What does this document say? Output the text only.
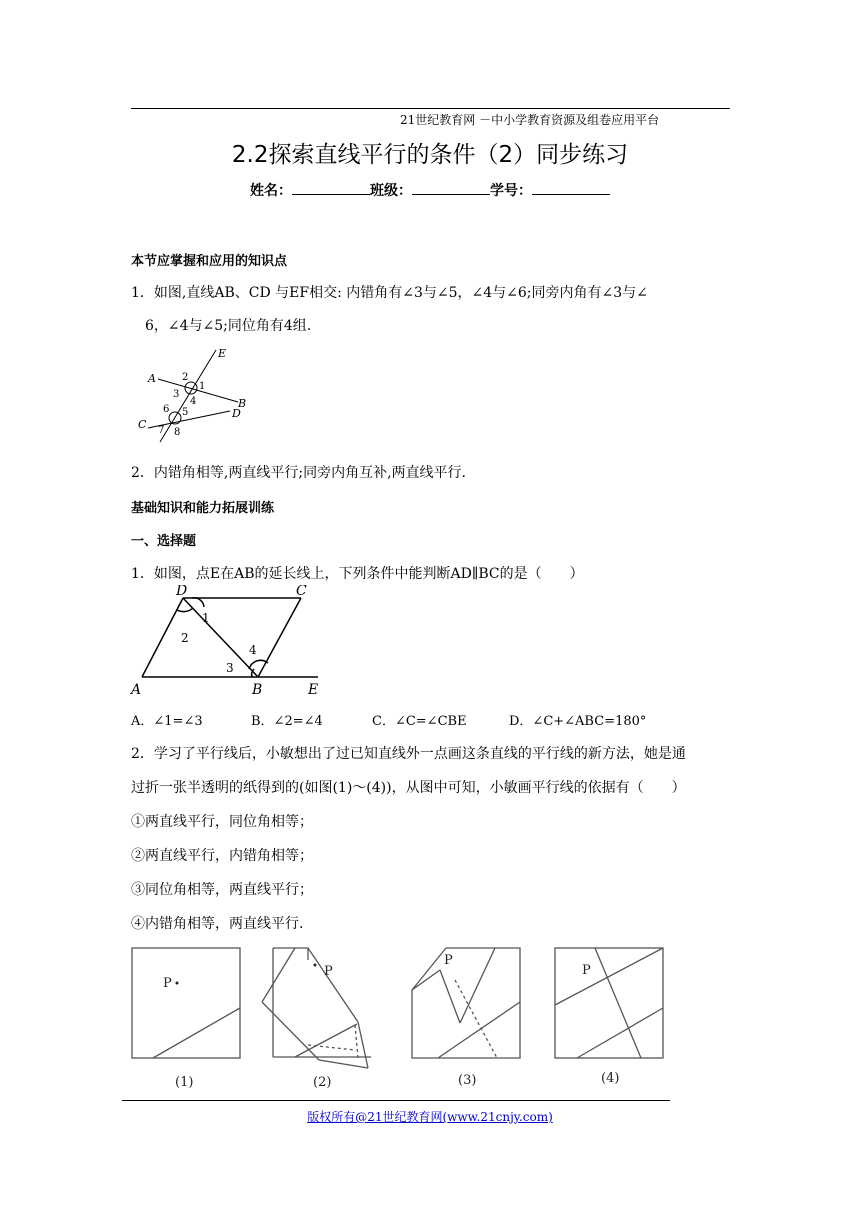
21世纪教育网 －中小学教育资源及组卷应用平台
2.2探索直线平行的条件（2）同步练习
姓名：	班级：	学号：
本节应掌握和应用的知识点
1．如图,直线AB、CD 与EF相交: 内错角有∠3与∠5，∠4与∠6;同旁内角有∠3与∠
6，∠4与∠5;同位角有4组.
A
B
C
D
E
1
2
3
4
5
6
7 8
2．内错角相等,两直线平行;同旁内角互补,两直线平行.
基础知识和能力拓展训练
一、选择题
1．如图，点E在AB的延长线上，下列条件中能判断AD∥BC的是（　　）
A	B
C
D
E
1
2
3
4
A．∠1=∠3	B．∠2=∠4	C．∠C=∠CBE	D．∠C+∠ABC=180°
2．学习了平行线后，小敏想出了过已知直线外一点画这条直线的平行线的新方法，她是通
过折一张半透明的纸得到的(如图(1)～(4))，从图中可知，小敏画平行线的依据有（　　）
①两直线平行，同位角相等；
②两直线平行，内错角相等；
③同位角相等，两直线平行；
④内错角相等，两直线平行.
P
P
P
P
(1)	(2)	(3)	(4)
版权所有@21世纪教育网(www.21cnjy.com)
